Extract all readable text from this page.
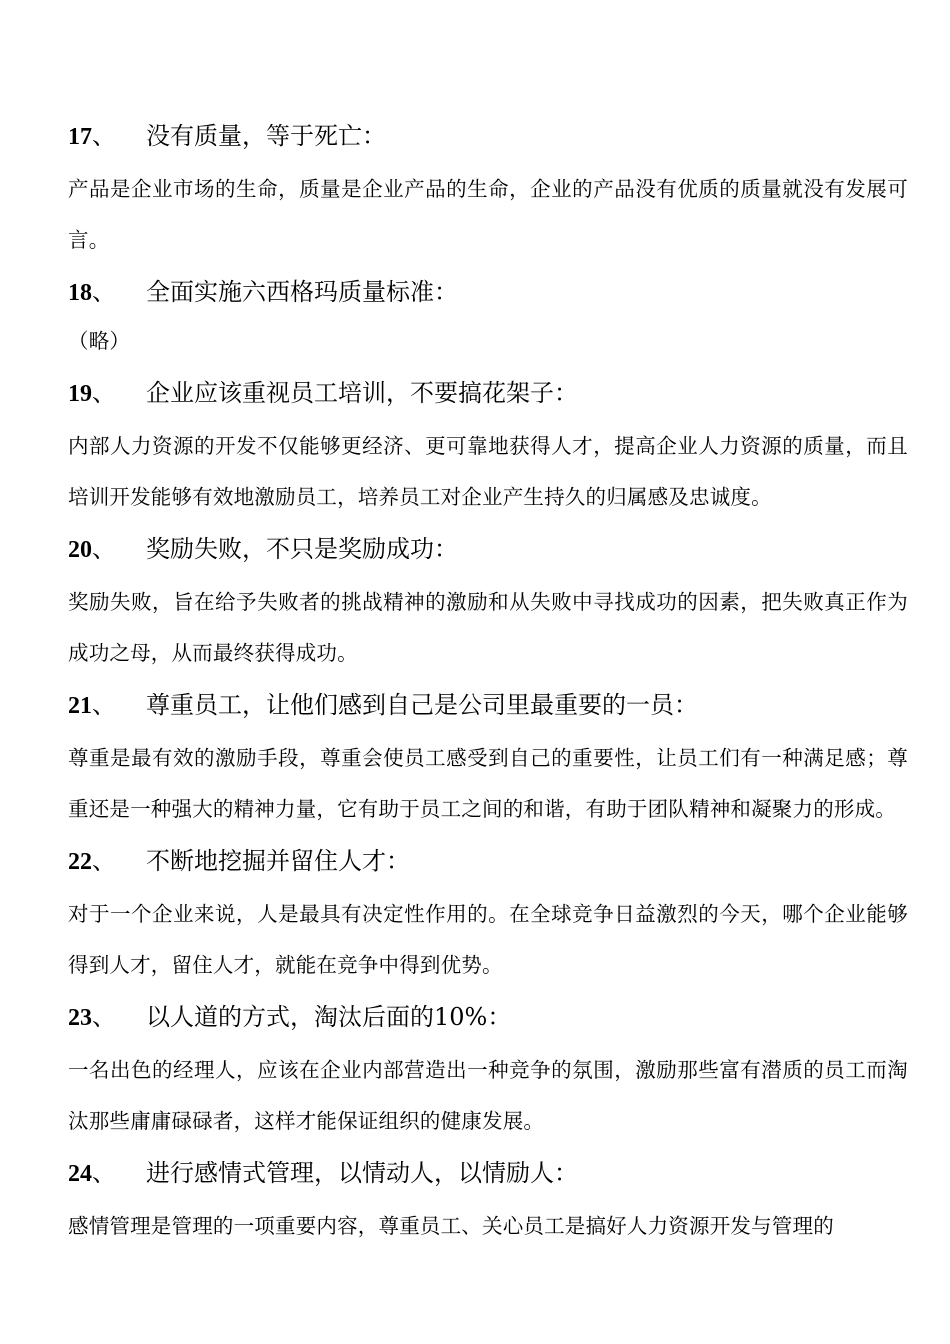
17、	没有质量，等于死亡：
产品是企业市场的生命，质量是企业产品的生命，企业的产品没有优质的质量就没有发展可言。
18、	全面实施六西格玛质量标准：
（略）
19、	企业应该重视员工培训，不要搞花架子：
内部人力资源的开发不仅能够更经济、更可靠地获得人才，提高企业人力资源的质量，而且培训开发能够有效地激励员工，培养员工对企业产生持久的归属感及忠诚度。
20、	奖励失败，不只是奖励成功：
奖励失败，旨在给予失败者的挑战精神的激励和从失败中寻找成功的因素，把失败真正作为成功之母，从而最终获得成功。
21、	尊重员工，让他们感到自己是公司里最重要的一员：
尊重是最有效的激励手段，尊重会使员工感受到自己的重要性，让员工们有一种满足感；尊重还是一种强大的精神力量，它有助于员工之间的和谐，有助于团队精神和凝聚力的形成。
22、	不断地挖掘并留住人才：
对于一个企业来说，人是最具有决定性作用的。在全球竞争日益激烈的今天，哪个企业能够得到人才，留住人才，就能在竞争中得到优势。
23、	以人道的方式，淘汰后面的10%：
一名出色的经理人，应该在企业内部营造出一种竞争的氛围，激励那些富有潜质的员工而淘汰那些庸庸碌碌者，这样才能保证组织的健康发展。
24、	进行感情式管理，以情动人，以情励人：
感情管理是管理的一项重要内容，尊重员工、关心员工是搞好人力资源开发与管理的
